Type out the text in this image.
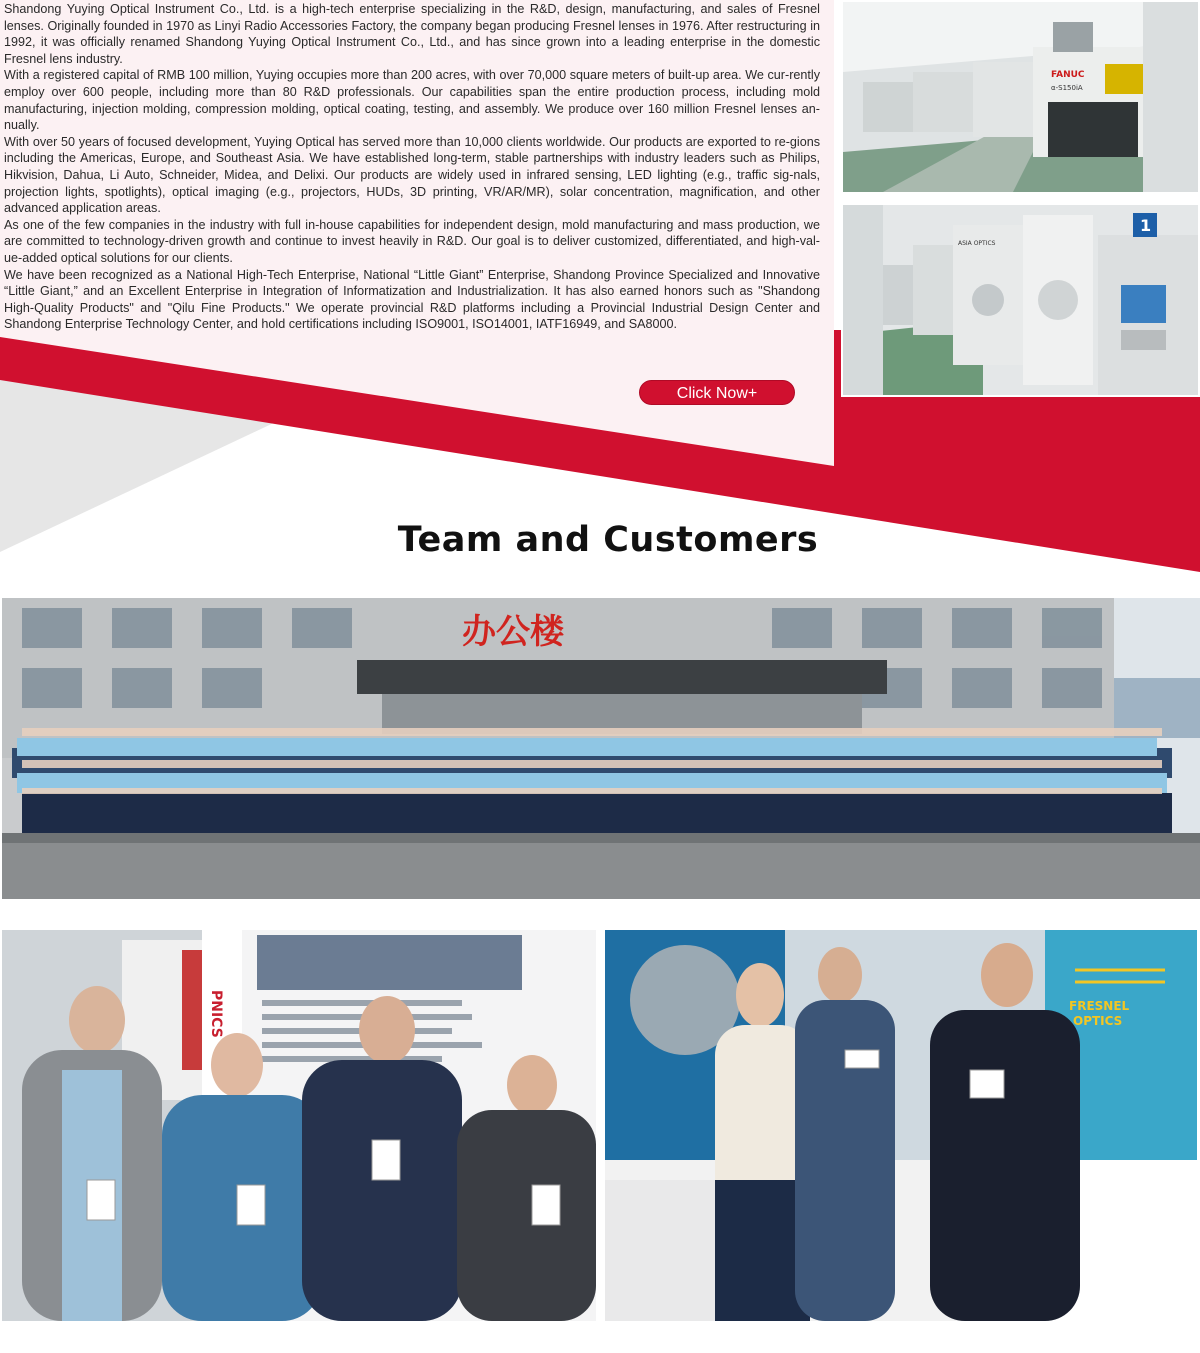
Shandong Yuying Optical Instrument Co., Ltd. is a high-tech enterprise specializing in the R&D, design, manufacturing, and sales of Fresnel lenses. Originally founded in 1970 as Linyi Radio Accessories Factory, the company began producing Fresnel lenses in 1976. After restructuring in 1992, it was officially renamed Shandong Yuying Optical Instrument Co., Ltd., and has since grown into a leading enterprise in the domestic Fresnel lens industry.

With a registered capital of RMB 100 million, Yuying occupies more than 200 acres, with over 70,000 square meters of built-up area. We cur-rently employ over 600 people, including more than 80 R&D professionals. Our capabilities span the entire production process, including mold manufacturing, injection molding, compression molding, optical coating, testing, and assembly. We produce over 160 million Fresnel lenses an-nually.

With over 50 years of focused development, Yuying Optical has served more than 10,000 clients worldwide. Our products are exported to re-gions including the Americas, Europe, and Southeast Asia. We have established long-term, stable partnerships with industry leaders such as Philips, Hikvision, Dahua, Li Auto, Schneider, Midea, and Delixi. Our products are widely used in infrared sensing, LED lighting (e.g., traffic sig-nals, projection lights, spotlights), optical imaging (e.g., projectors, HUDs, 3D printing, VR/AR/MR), solar concentration, magnification, and other advanced application areas.

As one of the few companies in the industry with full in-house capabilities for independent design, mold manufacturing and mass production, we are committed to technology-driven growth and continue to invest heavily in R&D. Our goal is to deliver customized, differentiated, and high-val-ue-added optical solutions for our clients.

We have been recognized as a National High-Tech Enterprise, National “Little Giant” Enterprise, Shandong Province Specialized and Innovative “Little Giant,” and an Excellent Enterprise in Integration of Informatization and Industrialization. It has also earned honors such as "Shandong High-Quality Products" and "Qilu Fine Products." We operate provincial R&D platforms including a Provincial Industrial Design Center and Shandong Enterprise Technology Center, and hold certifications including ISO9001, ISO14001, IATF16949, and SA8000.

Click Now+
FANUC
α-S150iA
ASIA OPTICS
1
Team and Customers
办公楼
PNICS	FRESNEL
OPTICS
